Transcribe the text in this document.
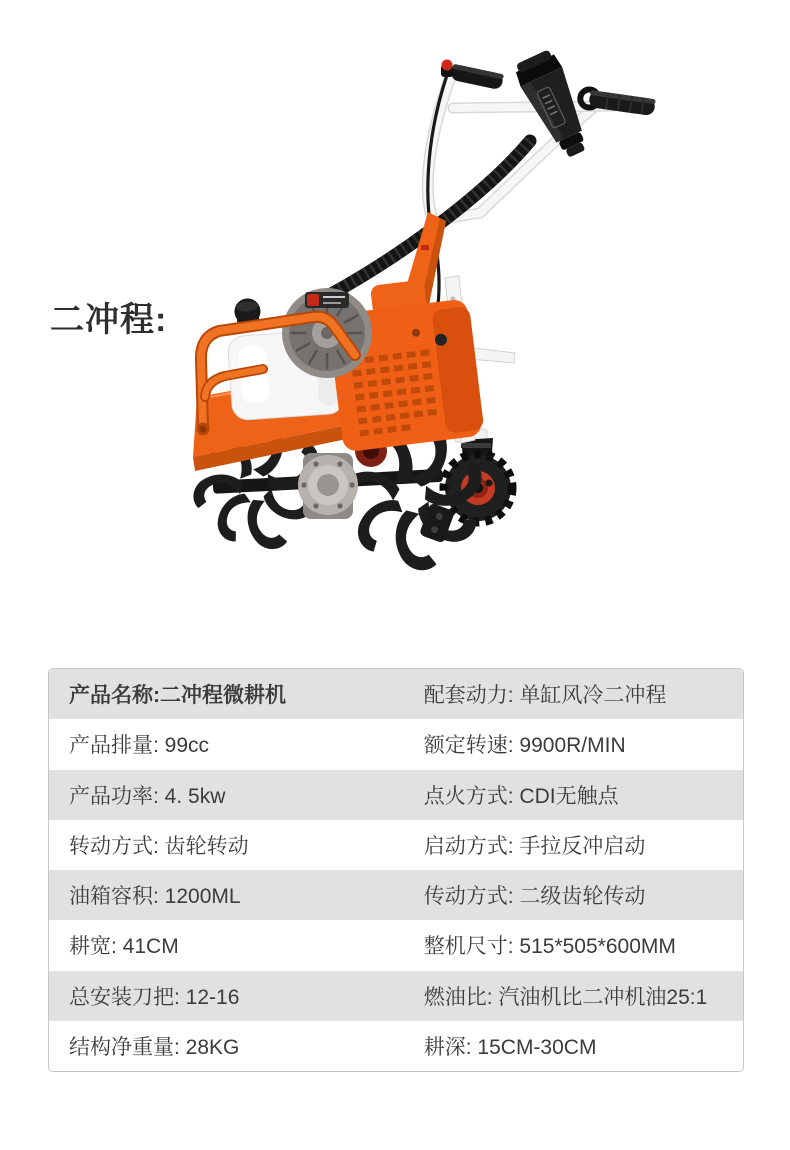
二冲程:
产品名称:二冲程微耕机	配套动力: 单缸风冷二冲程
产品排量: 99cc	额定转速: 9900R/MIN
产品功率: 4. 5kw	点火方式: CDI无触点
转动方式: 齿轮转动	启动方式: 手拉反冲启动
油箱容积: 1200ML	传动方式: 二级齿轮传动
耕宽: 41CM	整机尺寸: 515*505*600MM
总安装刀把: 12-16	燃油比: 汽油机比二冲机油25:1
结构净重量: 28KG	耕深: 15CM-30CM
